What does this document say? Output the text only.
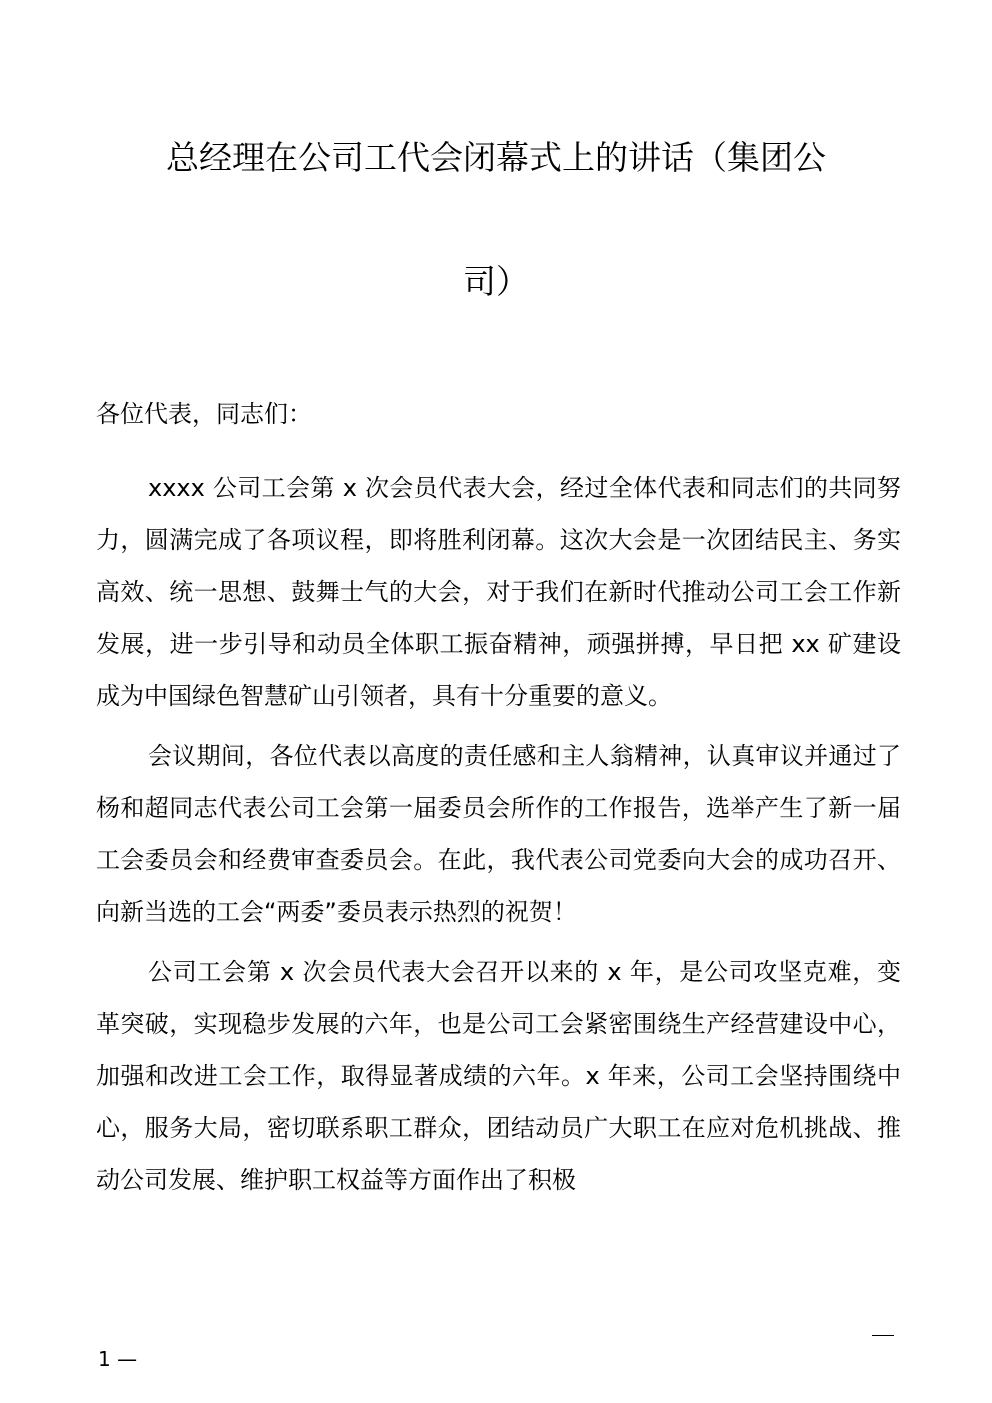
总经理在公司工代会闭幕式上的讲话（集团公
司）
各位代表，同志们：

xxxx 公司工会第 x 次会员代表大会，经过全体代表和同志们的共同努力，圆满完成了各项议程，即将胜利闭幕。这次大会是一次团结民主、务实高效、统一思想、鼓舞士气的大会，对于我们在新时代推动公司工会工作新发展，进一步引导和动员全体职工振奋精神，顽强拼搏，早日把 xx 矿建设成为中国绿色智慧矿山引领者，具有十分重要的意义。

会议期间，各位代表以高度的责任感和主人翁精神，认真审议并通过了杨和超同志代表公司工会第一届委员会所作的工作报告，选举产生了新一届工会委员会和经费审查委员会。在此，我代表公司党委向大会的成功召开、向新当选的工会“两委”委员表示热烈的祝贺！

公司工会第 x 次会员代表大会召开以来的 x 年，是公司攻坚克难，变革突破，实现稳步发展的六年，也是公司工会紧密围绕生产经营建设中心，加强和改进工会工作，取得显著成绩的六年。x 年来，公司工会坚持围绕中心，服务大局，密切联系职工群众，团结动员广大职工在应对危机挑战、推动公司发展、维护职工权益等方面作出了积极

1 —
